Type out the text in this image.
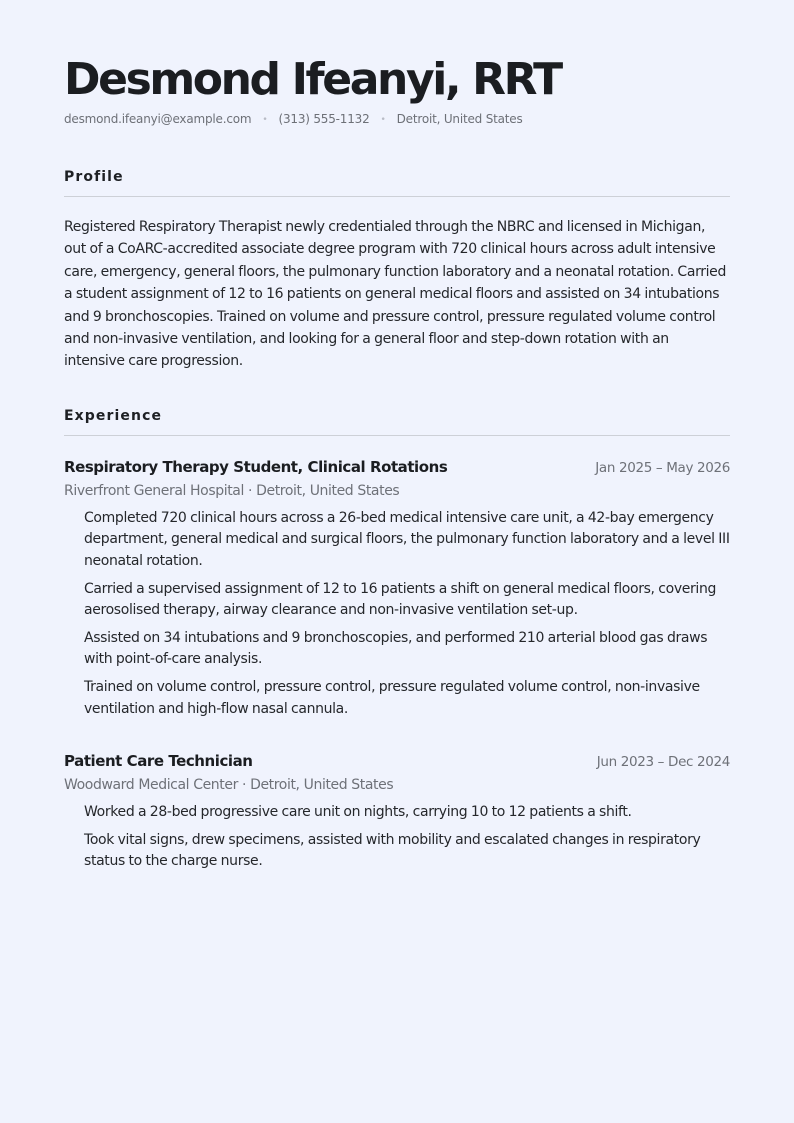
Desmond Ifeanyi, RRT
desmond.ifeanyi@example.com • (313) 555-1132 • Detroit, United States
Profile

Registered Respiratory Therapist newly credentialed through the NBRC and licensed in Michigan, out of a CoARC-accredited associate degree program with 720 clinical hours across adult intensive care, emergency, general floors, the pulmonary function laboratory and a neonatal rotation. Carried a student assignment of 12 to 16 patients on general medical floors and assisted on 34 intubations and 9 bronchoscopies. Trained on volume and pressure control, pressure regulated volume control and non-invasive ventilation, and looking for a general floor and step-down rotation with an intensive care progression.

Experience
Respiratory Therapy Student, Clinical Rotations	Jan 2025 – May 2026
Riverfront General Hospital · Detroit, United States
Completed 720 clinical hours across a 26-bed medical intensive care unit, a 42-bay emergency department, general medical and surgical floors, the pulmonary function laboratory and a level III neonatal rotation.
Carried a supervised assignment of 12 to 16 patients a shift on general medical floors, covering aerosolised therapy, airway clearance and non-invasive ventilation set-up.
Assisted on 34 intubations and 9 bronchoscopies, and performed 210 arterial blood gas draws with point-of-care analysis.
Trained on volume control, pressure control, pressure regulated volume control, non-invasive ventilation and high-flow nasal cannula.
Patient Care Technician	Jun 2023 – Dec 2024
Woodward Medical Center · Detroit, United States
Worked a 28-bed progressive care unit on nights, carrying 10 to 12 patients a shift.
Took vital signs, drew specimens, assisted with mobility and escalated changes in respiratory status to the charge nurse.
